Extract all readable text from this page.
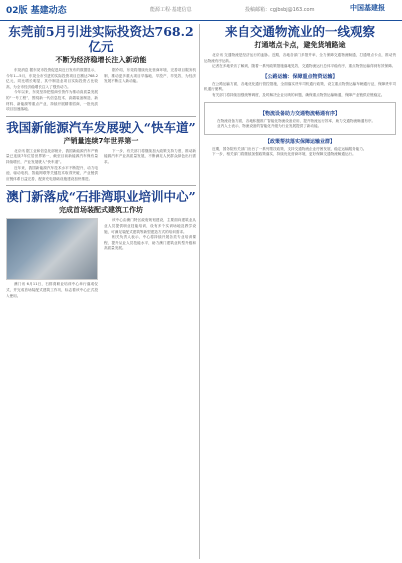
02版 基建动态	能源工程·基建信息	投稿邮箱：cgjbsbj@163.com	中国基建报
东莞前5月引进实际投资达768.2亿元
不断为经济稳增长注入新动能

东莞消息 据东莞市投资促进局近日发布的数据显示，今年1—5月，东莞全市引进的实际投资项目总额达768.2亿元，同比增长明显，其中制造业项目实际投资占比较高，为全市经济稳增长注入了强劲动力。

今年以来，东莞坚持把招商引资作为推动高质量发展的“一号工程”，围绕新一代信息技术、高端装备制造、新材料、新能源等重点产业，持续开展精准招商，一批优质项目加速落地。

据介绍，东莞将继续优化营商环境，完善项目服务机制，推动更多重大项目早落地、早投产、早见效，为经济发展不断注入新动能。

我国新能源汽车发展驶入“快车道”
产销量连续7年世界第一

北京讯 据工业和信息化部统计，我国新能源汽车产销量已连续7年位居世界第一，截至目前新能源汽车保有量持续增长，产业发展驶入“快车道”。

近年来，我国新能源汽车技术水平不断提升，动力电池、驱动电机、智能网联等关键技术取得突破，产业链供应链体系日益完善，配套充电基础设施建设加快推进。

下一步，有关部门将继续加大政策支持力度，推动新能源汽车产业高质量发展，不断满足人民群众绿色出行需求。

澳门新落成“石排湾职业培训中心”
完成首场装配式建筑工作坊

澳门讯 6月11日，石排湾职业培训中心举行落成仪式，并完成首场装配式建筑工作坊，标志着该中心正式投入使用。

该中心由澳门特区政府规划建设，主要面向建筑业从业人员提供职业技能培训，设有多个实训场地及教学设施，可满足装配式建筑等新型建造方式的培训需求。

相关负责人表示，中心将持续开展各类专业培训课程，提升从业人员技能水平，助力澳门建筑业转型升级和高质量发展。

来自交通物流业的一线观察
打通堵点卡点，避免货埔路途

北京讯 交通物流是经济运行的血脉。近期，各地各部门多措并举，全力保障交通物流畅通，打通堵点卡点，推动货运物流有序运转。

记者在多地采访了解到，随着一系列政策措施落地见效，交通物流运行总体平稳有序，重点物资运输得到有效保障。

【公路运输：保障重点物资运输】

在公路运输方面，各地优化通行管控措施，全面落实货车司机通行政策，设立重点物资运输车辆通行证，保障货车司机通行便利。

有关部门将持续加强统筹调度，及时解决企业反映的问题，确保重点物资运输畅通，保障产业链供应链稳定。

【物流设备助力交通物流畅通有序】

在物流设备方面，各地积极推广智能化物流设备应用，提升物流运行效率，助力交通物流畅通有序。

业内人士表示，物流设备的智能化升级为行业发展提供了新动能。

【政策帮扶落实保障运输业群】

近期，国务院有关部门出台了一系列帮扶政策，支持交通物流企业纾困发展，稳定运输服务能力。

下一步，相关部门将继续加强政策落实，持续优化营商环境，更好保障交通物流畅通运行。
